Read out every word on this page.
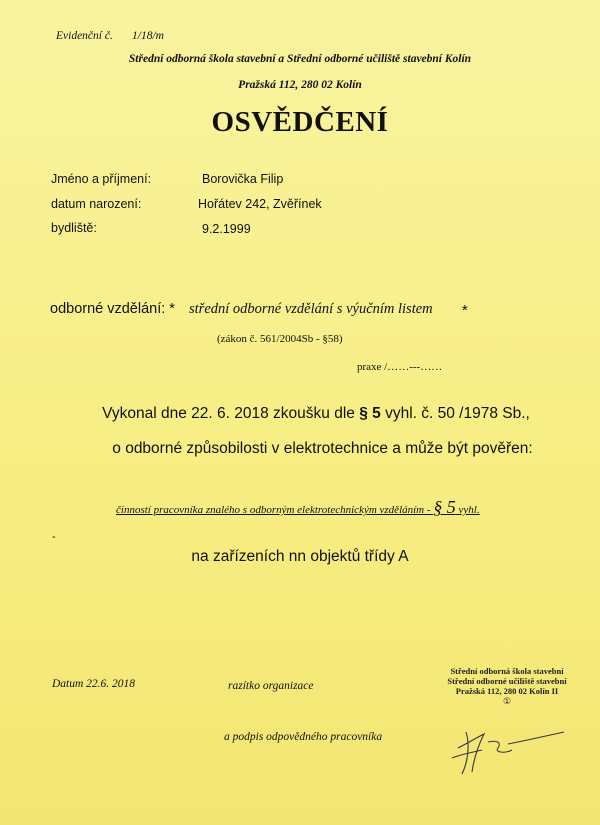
Evidenční č. 1/18/m
Střední odborná škola stavební a Střední odborné učiliště stavební Kolín
Pražská 112, 280 02 Kolín
OSVĚDČENÍ
Jméno a příjmení:	Borovička Filip
datum narození:	Hořátev 242, Zvěřínek
bydliště:	9.2.1999
odborné vzdělání: * střední odborné vzdělání s výučním listem *
(zákon č. 561/2004Sb - §58)
praxe /……---……
Vykonal dne 22. 6. 2018 zkoušku dle § 5 vyhl. č. 50 /1978 Sb.,
o odborné způsobilosti v elektrotechnice a může být pověřen:
činností pracovníka znalého s odborným elektrotechnickým vzděláním - § 5 vyhl.
-
na zařízeních nn objektů třídy A
Datum 22.6. 2018	razítko organizace
a podpis odpovědného pracovníka
Střední odborná škola stavební
Střední odborné učiliště stavební
Pražská 112, 280 02 Kolín II
①
